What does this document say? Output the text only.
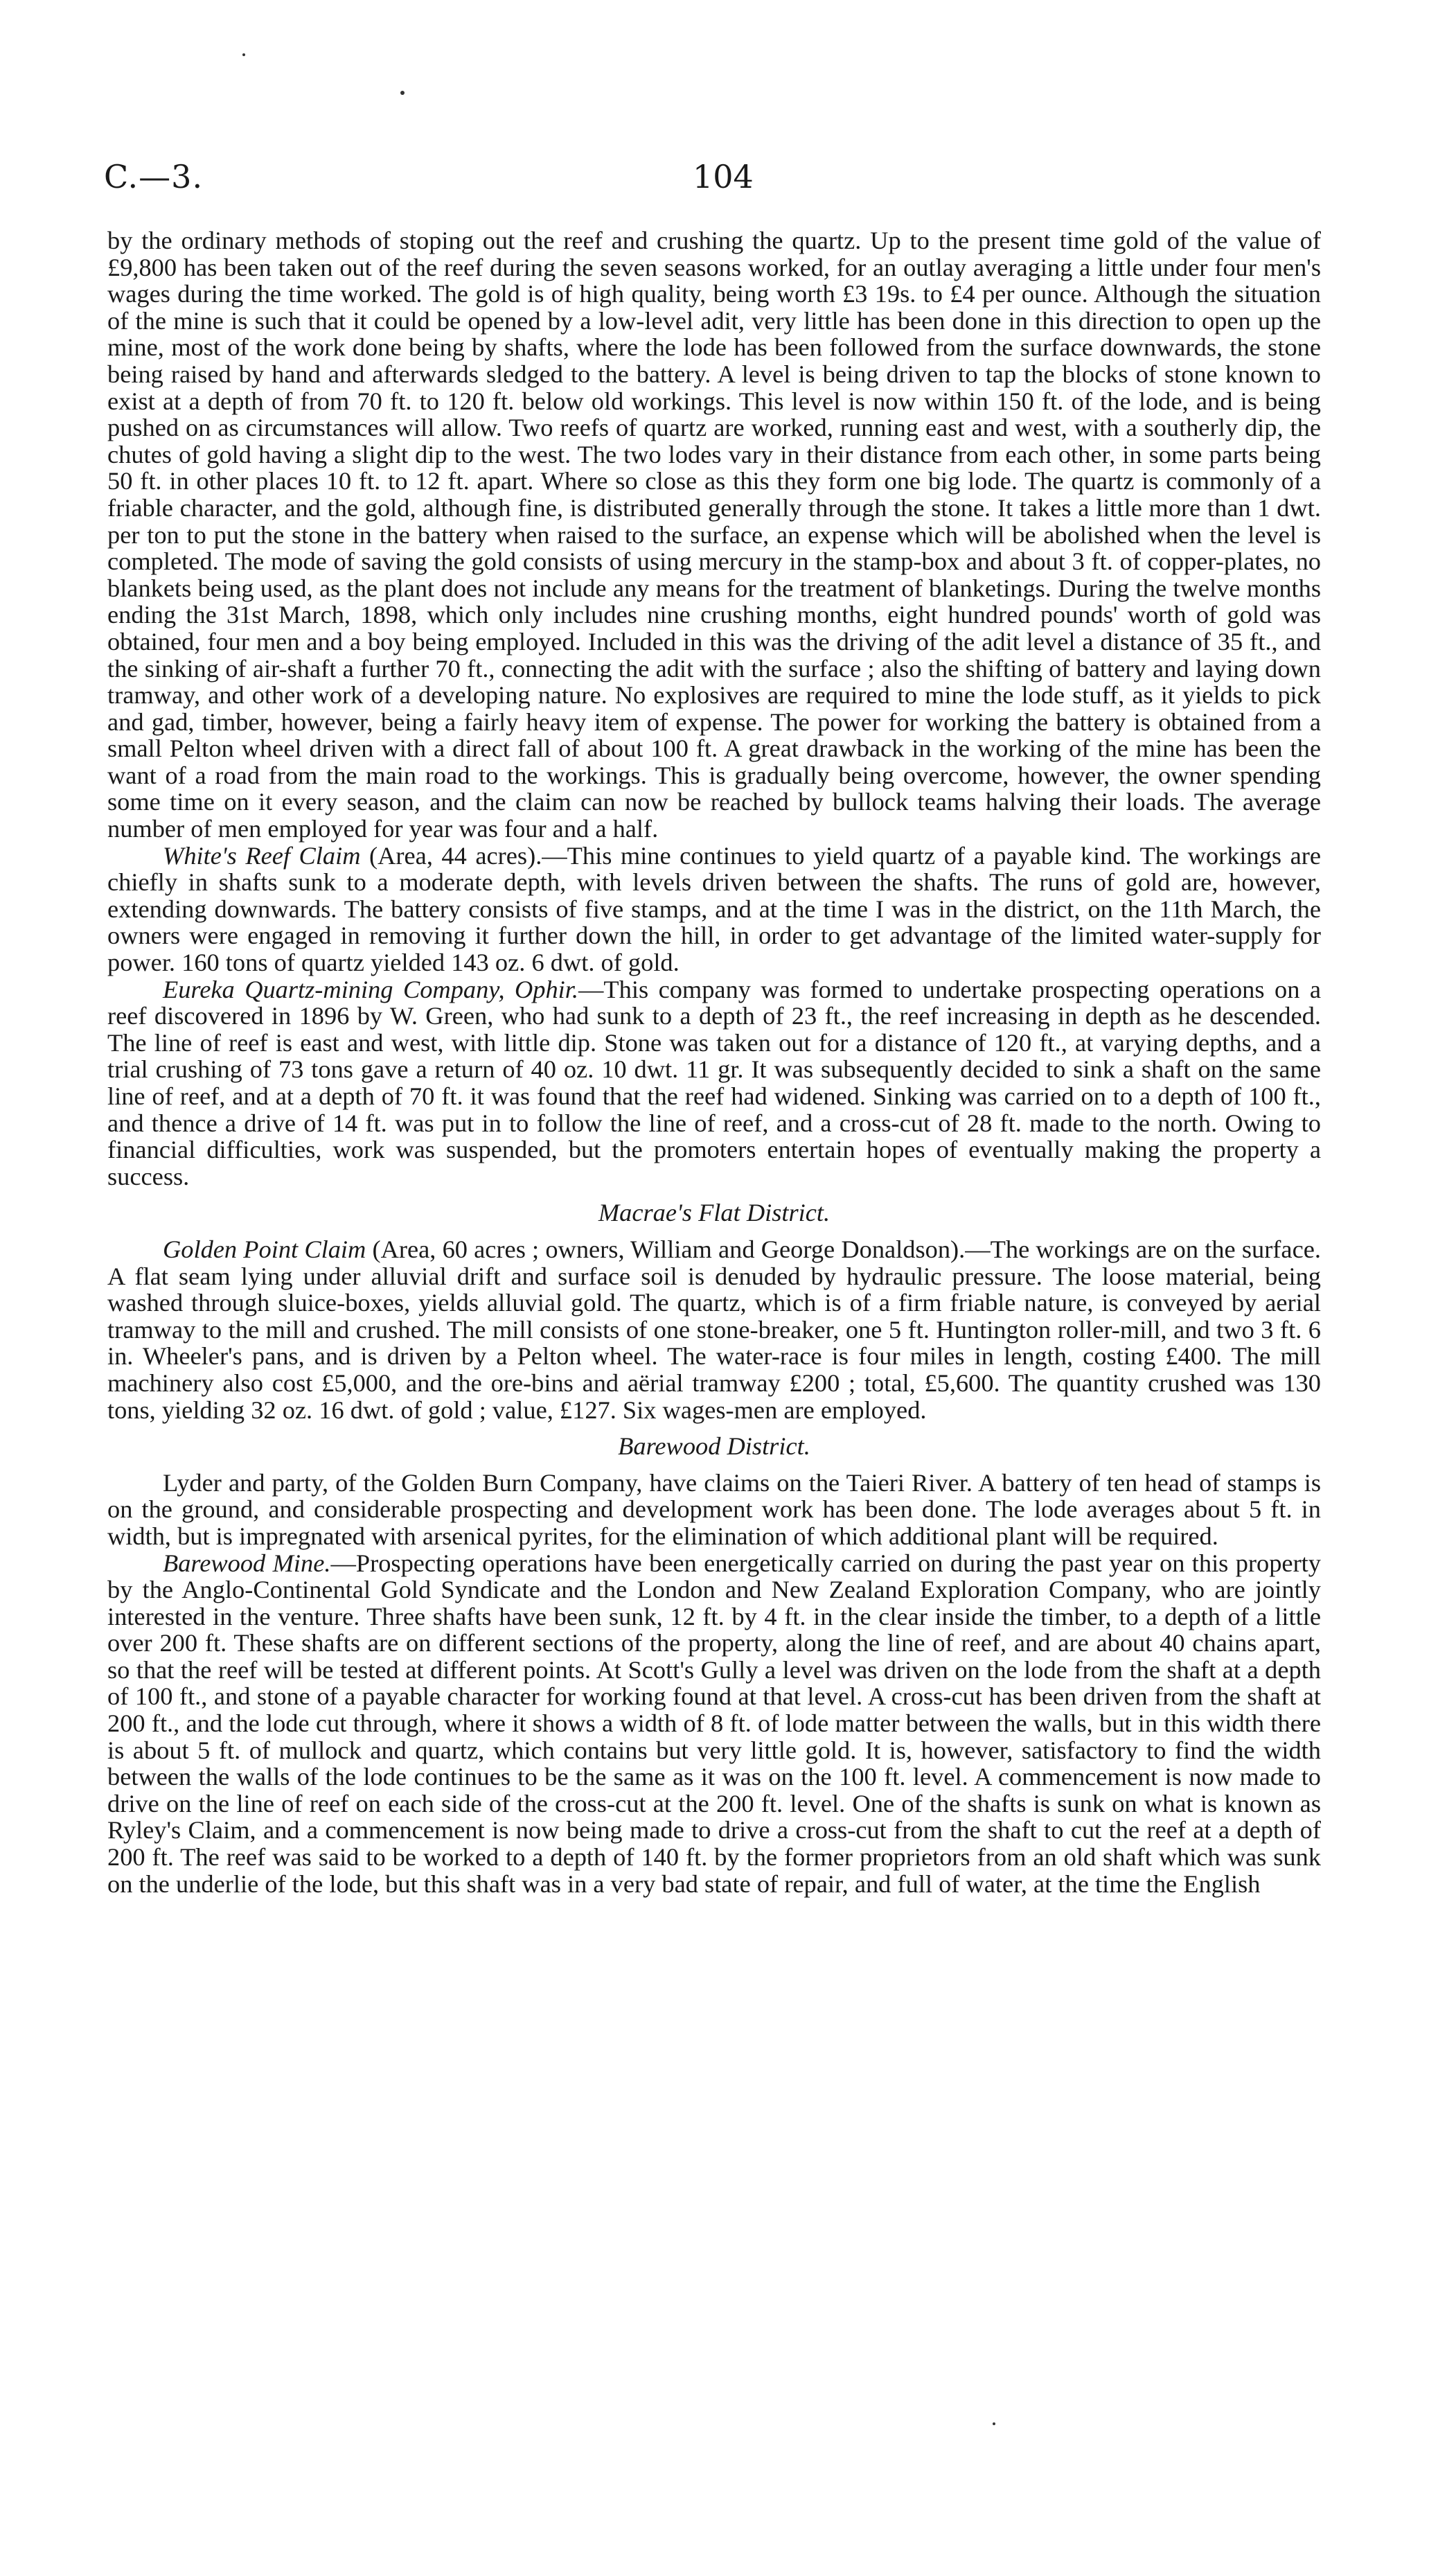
C.—3.	104

by the ordinary methods of stoping out the reef and crushing the quartz. Up to the present time gold of the value of £9,800 has been taken out of the reef during the seven seasons worked, for an outlay averaging a little under four men's wages during the time worked. The gold is of high quality, being worth £3 19s. to £4 per ounce. Although the situation of the mine is such that it could be opened by a low-level adit, very little has been done in this direction to open up the mine, most of the work done being by shafts, where the lode has been followed from the surface downwards, the stone being raised by hand and afterwards sledged to the battery. A level is being driven to tap the blocks of stone known to exist at a depth of from 70 ft. to 120 ft. below old workings. This level is now within 150 ft. of the lode, and is being pushed on as circumstances will allow. Two reefs of quartz are worked, running east and west, with a southerly dip, the chutes of gold having a slight dip to the west. The two lodes vary in their distance from each other, in some parts being 50 ft. in other places 10 ft. to 12 ft. apart. Where so close as this they form one big lode. The quartz is commonly of a friable character, and the gold, although fine, is distributed generally through the stone. It takes a little more than 1 dwt. per ton to put the stone in the battery when raised to the surface, an expense which will be abolished when the level is completed. The mode of saving the gold consists of using mercury in the stamp-box and about 3 ft. of copper-plates, no blankets being used, as the plant does not include any means for the treatment of blanketings. During the twelve months ending the 31st March, 1898, which only includes nine crushing months, eight hundred pounds' worth of gold was obtained, four men and a boy being employed. Included in this was the driving of the adit level a distance of 35 ft., and the sinking of air-shaft a further 70 ft., connecting the adit with the surface ; also the shifting of battery and laying down tramway, and other work of a developing nature. No explosives are required to mine the lode stuff, as it yields to pick and gad, timber, however, being a fairly heavy item of expense. The power for working the battery is obtained from a small Pelton wheel driven with a direct fall of about 100 ft. A great drawback in the working of the mine has been the want of a road from the main road to the workings. This is gradually being overcome, however, the owner spending some time on it every season, and the claim can now be reached by bullock teams halving their loads. The average number of men employed for year was four and a half.

White's Reef Claim (Area, 44 acres).—This mine continues to yield quartz of a payable kind. The workings are chiefly in shafts sunk to a moderate depth, with levels driven between the shafts. The runs of gold are, however, extending downwards. The battery consists of five stamps, and at the time I was in the district, on the 11th March, the owners were engaged in removing it further down the hill, in order to get advantage of the limited water-supply for power. 160 tons of quartz yielded 143 oz. 6 dwt. of gold.

Eureka Quartz-mining Company, Ophir.—This company was formed to undertake prospecting operations on a reef discovered in 1896 by W. Green, who had sunk to a depth of 23 ft., the reef increasing in depth as he descended. The line of reef is east and west, with little dip. Stone was taken out for a distance of 120 ft., at varying depths, and a trial crushing of 73 tons gave a return of 40 oz. 10 dwt. 11 gr. It was subsequently decided to sink a shaft on the same line of reef, and at a depth of 70 ft. it was found that the reef had widened. Sinking was carried on to a depth of 100 ft., and thence a drive of 14 ft. was put in to follow the line of reef, and a cross-cut of 28 ft. made to the north. Owing to financial difficulties, work was suspended, but the promoters entertain hopes of eventually making the property a success.

Macrae's Flat District.

Golden Point Claim (Area, 60 acres ; owners, William and George Donaldson).—The workings are on the surface. A flat seam lying under alluvial drift and surface soil is denuded by hydraulic pressure. The loose material, being washed through sluice-boxes, yields alluvial gold. The quartz, which is of a firm friable nature, is conveyed by aerial tramway to the mill and crushed. The mill consists of one stone-breaker, one 5 ft. Huntington roller-mill, and two 3 ft. 6 in. Wheeler's pans, and is driven by a Pelton wheel. The water-race is four miles in length, costing £400. The mill machinery also cost £5,000, and the ore-bins and aërial tramway £200 ; total, £5,600. The quantity crushed was 130 tons, yielding 32 oz. 16 dwt. of gold ; value, £127. Six wages-men are employed.

Barewood District.

Lyder and party, of the Golden Burn Company, have claims on the Taieri River. A battery of ten head of stamps is on the ground, and considerable prospecting and development work has been done. The lode averages about 5 ft. in width, but is impregnated with arsenical pyrites, for the elimination of which additional plant will be required.

Barewood Mine.—Prospecting operations have been energetically carried on during the past year on this property by the Anglo-Continental Gold Syndicate and the London and New Zealand Exploration Company, who are jointly interested in the venture. Three shafts have been sunk, 12 ft. by 4 ft. in the clear inside the timber, to a depth of a little over 200 ft. These shafts are on different sections of the property, along the line of reef, and are about 40 chains apart, so that the reef will be tested at different points. At Scott's Gully a level was driven on the lode from the shaft at a depth of 100 ft., and stone of a payable character for working found at that level. A cross-cut has been driven from the shaft at 200 ft., and the lode cut through, where it shows a width of 8 ft. of lode matter between the walls, but in this width there is about 5 ft. of mullock and quartz, which contains but very little gold. It is, however, satisfactory to find the width between the walls of the lode continues to be the same as it was on the 100 ft. level. A commencement is now made to drive on the line of reef on each side of the cross-cut at the 200 ft. level. One of the shafts is sunk on what is known as Ryley's Claim, and a commencement is now being made to drive a cross-cut from the shaft to cut the reef at a depth of 200 ft. The reef was said to be worked to a depth of 140 ft. by the former proprietors from an old shaft which was sunk on the underlie of the lode, but this shaft was in a very bad state of repair, and full of water, at the time the English
